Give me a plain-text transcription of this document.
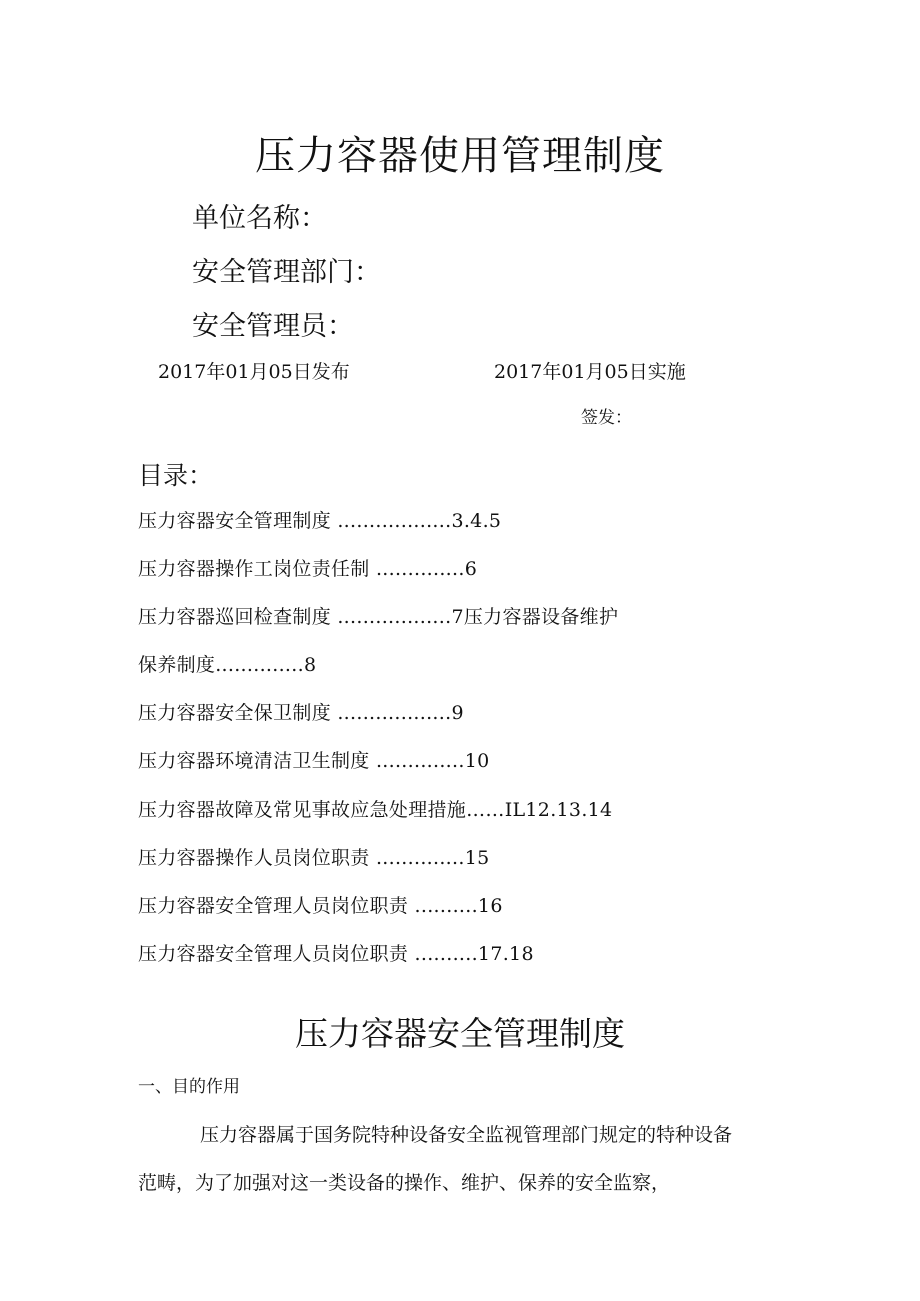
压力容器使用管理制度
单位名称：
安全管理部门：
安全管理员：
2017年01月05日发布	2017年01月05日实施
签发：
目录：
压力容器安全管理制度 ..................3.4.5
压力容器操作工岗位责任制 ..............6
压力容器巡回检查制度 ..................7压力容器设备维护
保养制度..............8
压力容器安全保卫制度 ..................9
压力容器环境清洁卫生制度 ..............10
压力容器故障及常见事故应急处理措施……IL12.13.14
压力容器操作人员岗位职责 ..............15
压力容器安全管理人员岗位职责 ..........16
压力容器安全管理人员岗位职责 ..........17.18
压力容器安全管理制度
一、目的作用
压力容器属于国务院特种设备安全监视管理部门规定的特种设备
范畴，为了加强对这一类设备的操作、维护、保养的安全监察，
